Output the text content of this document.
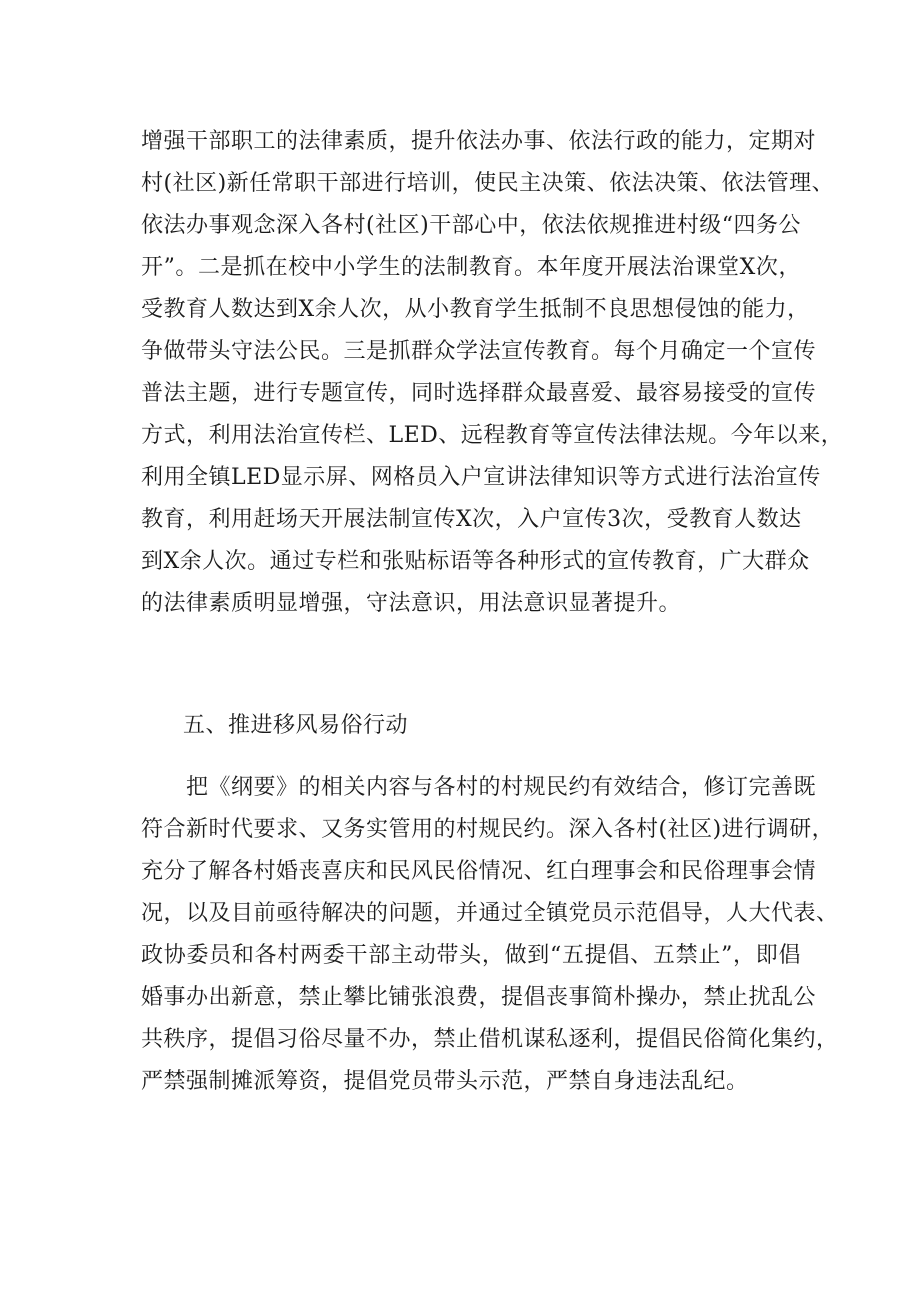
增强干部职工的法律素质，提升依法办事、依法行政的能力，定期对
村(社区)新任常职干部进行培训，使民主决策、依法决策、依法管理、
依法办事观念深入各村(社区)干部心中，依法依规推进村级“四务公
开”。二是抓在校中小学生的法制教育。本年度开展法治课堂X次，
受教育人数达到X余人次，从小教育学生抵制不良思想侵蚀的能力，
争做带头守法公民。三是抓群众学法宣传教育。每个月确定一个宣传
普法主题，进行专题宣传，同时选择群众最喜爱、最容易接受的宣传
方式，利用法治宣传栏、LED、远程教育等宣传法律法规。今年以来，
利用全镇LED显示屏、网格员入户宣讲法律知识等方式进行法治宣传
教育，利用赶场天开展法制宣传X次，入户宣传3次，受教育人数达
到X余人次。通过专栏和张贴标语等各种形式的宣传教育，广大群众
的法律素质明显增强，守法意识，用法意识显著提升。
五、推进移风易俗行动
　　把《纲要》的相关内容与各村的村规民约有效结合，修订完善既
符合新时代要求、又务实管用的村规民约。深入各村(社区)进行调研，
充分了解各村婚丧喜庆和民风民俗情况、红白理事会和民俗理事会情
况，以及目前亟待解决的问题，并通过全镇党员示范倡导，人大代表、
政协委员和各村两委干部主动带头，做到“五提倡、五禁止”，即倡
婚事办出新意，禁止攀比铺张浪费，提倡丧事简朴操办，禁止扰乱公
共秩序，提倡习俗尽量不办，禁止借机谋私逐利，提倡民俗简化集约，
严禁强制摊派筹资，提倡党员带头示范，严禁自身违法乱纪。
